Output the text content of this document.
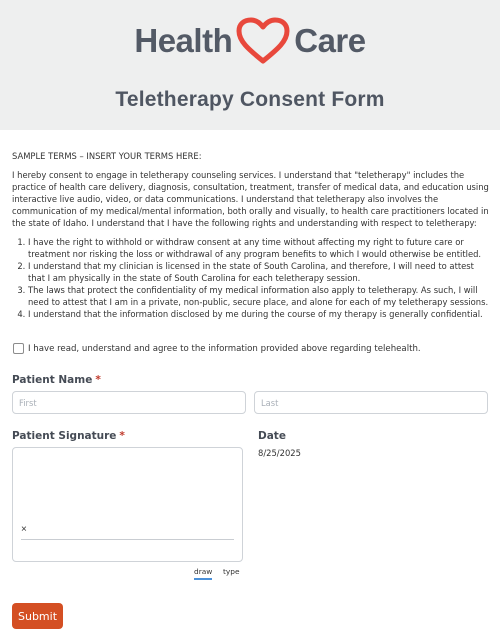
Health Care
Teletherapy Consent Form

SAMPLE TERMS – INSERT YOUR TERMS HERE:

I hereby consent to engage in teletherapy counseling services. I understand that "teletherapy" includes the practice of health care delivery, diagnosis, consultation, treatment, transfer of medical data, and education using interactive live audio, video, or data communications. I understand that teletherapy also involves the communication of my medical/mental information, both orally and visually, to health care practitioners located in the state of Idaho. I understand that I have the following rights and understanding with respect to teletherapy:

1. I have the right to withhold or withdraw consent at any time without affecting my right to future care or treatment nor risking the loss or withdrawal of any program benefits to which I would otherwise be entitled.
2. I understand that my clinician is licensed in the state of South Carolina, and therefore, I will need to attest that I am physically in the state of South Carolina for each teletherapy session.
3. The laws that protect the confidentiality of my medical information also apply to teletherapy. As such, I will need to attest that I am in a private, non-public, secure place, and alone for each of my teletherapy sessions.
4. I understand that the information disclosed by me during the course of my therapy is generally confidential.
I have read, understand and agree to the information provided above regarding telehealth.
Patient Name *
First
Last
Patient Signature *
×
draw type
Date
8/25/2025
Submit
